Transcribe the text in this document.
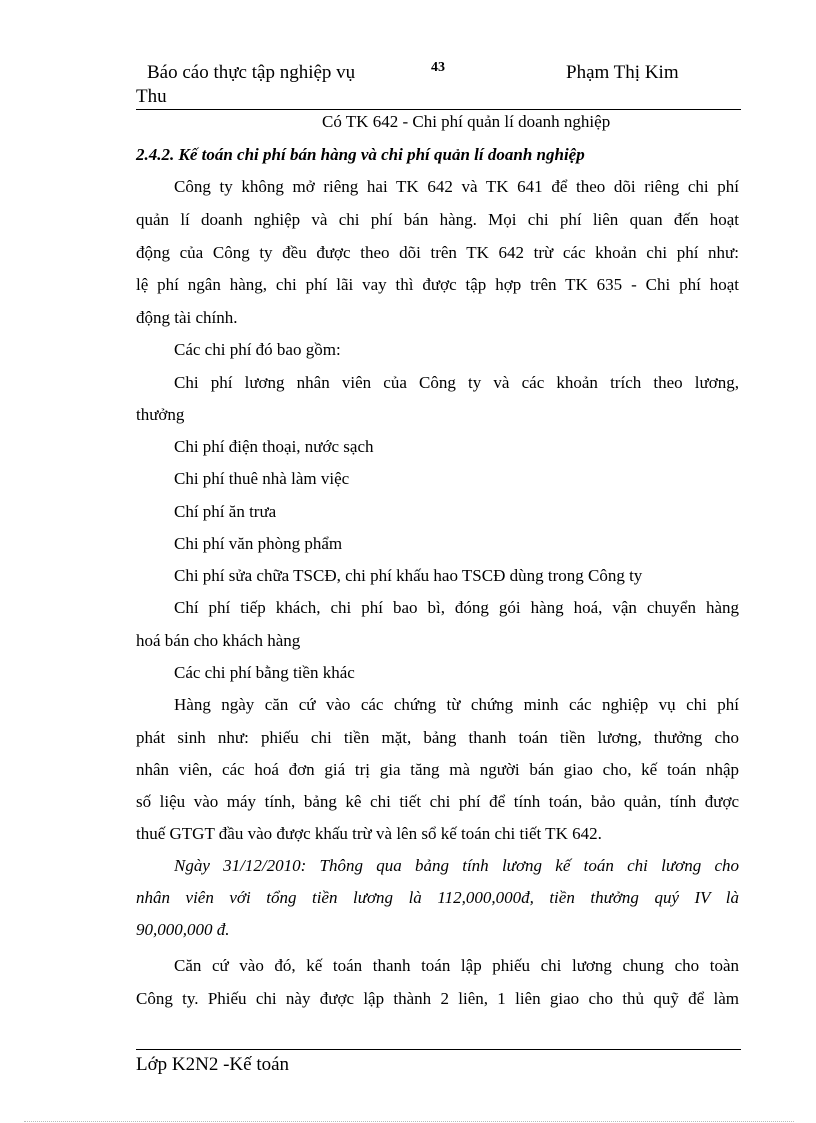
Báo cáo thực tập nghiệp vụ	43	Phạm Thị Kim
Thu
Có TK 642 - Chi phí quản lí doanh nghiệp
2.4.2. Kế toán chi phí bán hàng và chi phí quản lí doanh nghiệp
Công ty không mở riêng hai TK 642 và TK 641 để theo dõi riêng chi phí
quản lí doanh nghiệp và chi phí bán hàng. Mọi chi phí liên quan đến hoạt
động của Công ty đều được theo dõi trên TK 642 trừ các khoản chi phí như:
lệ phí ngân hàng, chi phí lãi vay thì được tập hợp trên TK 635 - Chi phí hoạt
động tài chính.
Các chi phí đó bao gồm:
Chi phí lương nhân viên của Công ty và các khoản trích theo lương,
thưởng
Chi phí điện thoại, nước sạch
Chi phí thuê nhà làm việc
Chí phí ăn trưa
Chi phí văn phòng phẩm
Chi phí sửa chữa TSCĐ, chi phí khấu hao TSCĐ dùng trong Công ty
Chí phí tiếp khách, chi phí bao bì, đóng gói hàng hoá, vận chuyển hàng
hoá bán cho khách hàng
Các chi phí bằng tiền khác
Hàng ngày căn cứ vào các chứng từ chứng minh các nghiệp vụ chi phí
phát sinh như: phiếu chi tiền mặt, bảng thanh toán tiền lương, thưởng cho
nhân viên, các hoá đơn giá trị gia tăng mà người bán giao cho, kế toán nhập
số liệu vào máy tính, bảng kê chi tiết chi phí để tính toán, bảo quản, tính được
thuế GTGT đầu vào được khấu trừ và lên sổ kế toán chi tiết TK 642.
Ngày 31/12/2010: Thông qua bảng tính lương kế toán chi lương cho
nhân viên với tổng tiền lương là 112,000,000đ, tiền thưởng quý IV là
90,000,000 đ.
Căn cứ vào đó, kế toán thanh toán lập phiếu chi lương chung cho toàn
Công ty. Phiếu chi này được lập thành 2 liên, 1 liên giao cho thủ quỹ để làm
Lớp K2N2 -Kế toán
